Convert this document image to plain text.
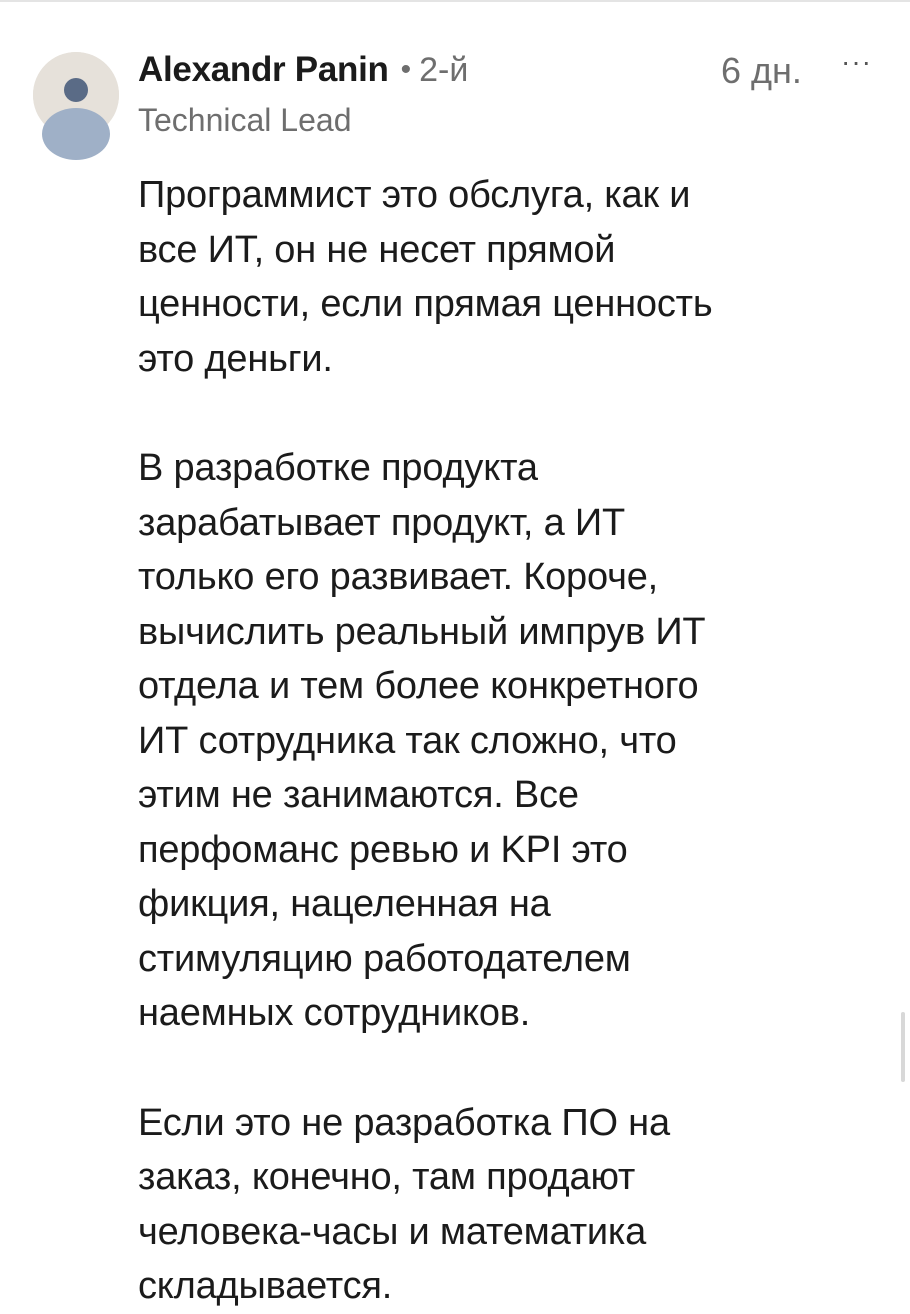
Alexandr Panin • 2-й	6 дн. ···
Technical Lead

Программист это обслуга, как и
все ИТ, он не несет прямой
ценности, если прямая ценность
это деньги.

В разработке продукта
зарабатывает продукт, а ИТ
только его развивает. Короче,
вычислить реальный импрув ИТ
отдела и тем более конкретного
ИТ сотрудника так сложно, что
этим не занимаются. Все
перфоманс ревью и KPI это
фикция, нацеленная на
стимуляцию работодателем
наемных сотрудников.

Если это не разработка ПО на
заказ, конечно, там продают
человека-часы и математика
складывается.
